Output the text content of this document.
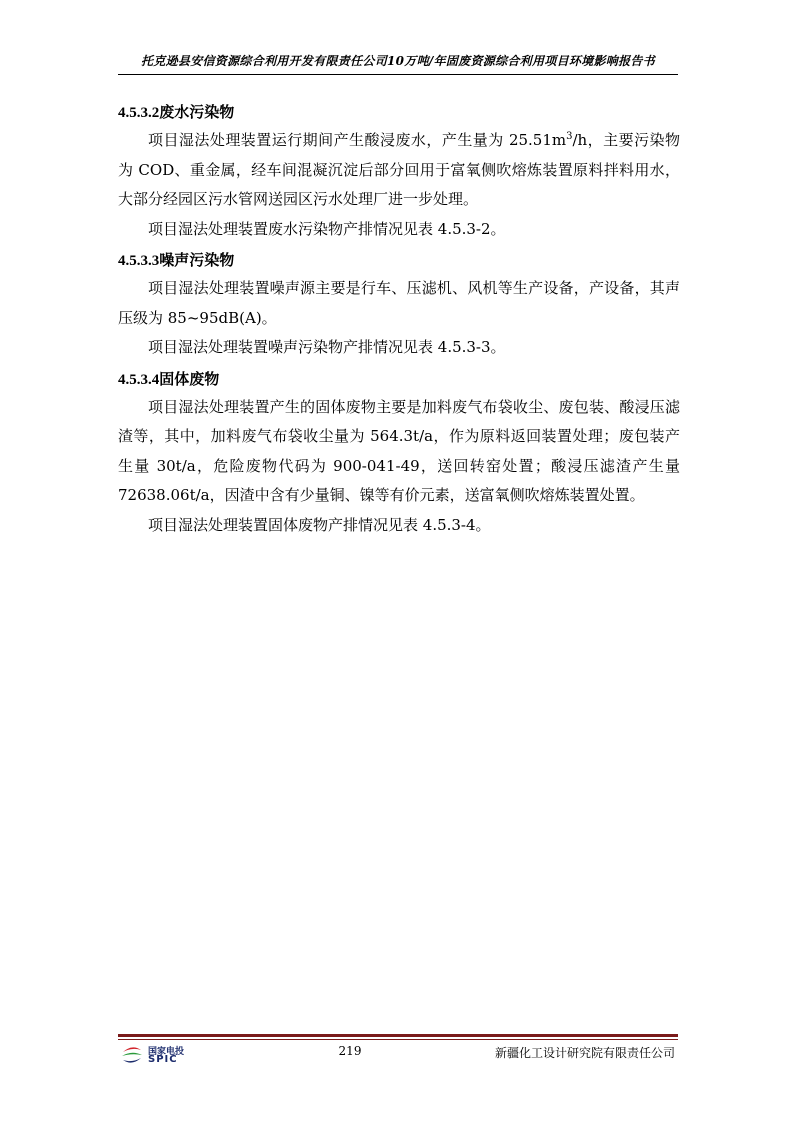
托克逊县安信资源综合利用开发有限责任公司10万吨/年固废资源综合利用项目环境影响报告书
4.5.3.2废水污染物

项目湿法处理装置运行期间产生酸浸废水，产生量为 $25.51m^3/h$，主要污染物为 COD、重金属，经车间混凝沉淀后部分回用于富氧侧吹熔炼装置原料拌料用水，大部分经园区污水管网送园区污水处理厂进一步处理。

项目湿法处理装置废水污染物产排情况见表 4.5.3-2。

4.5.3.3噪声污染物

项目湿法处理装置噪声源主要是行车、压滤机、风机等生产设备，产设备，其声压级为 85~95dB(A)。

项目湿法处理装置噪声污染物产排情况见表 4.5.3-3。

4.5.3.4固体废物

项目湿法处理装置产生的固体废物主要是加料废气布袋收尘、废包装、酸浸压滤渣等，其中，加料废气布袋收尘量为 564.3t/a，作为原料返回装置处理；废包装产生量 30t/a，危险废物代码为 900-041-49，送回转窑处置；酸浸压滤渣产生量 72638.06t/a，因渣中含有少量铜、镍等有价元素，送富氧侧吹熔炼装置处置。

项目湿法处理装置固体废物产排情况见表 4.5.3-4。

国家电投
SPIC
219	新疆化工设计研究院有限责任公司
